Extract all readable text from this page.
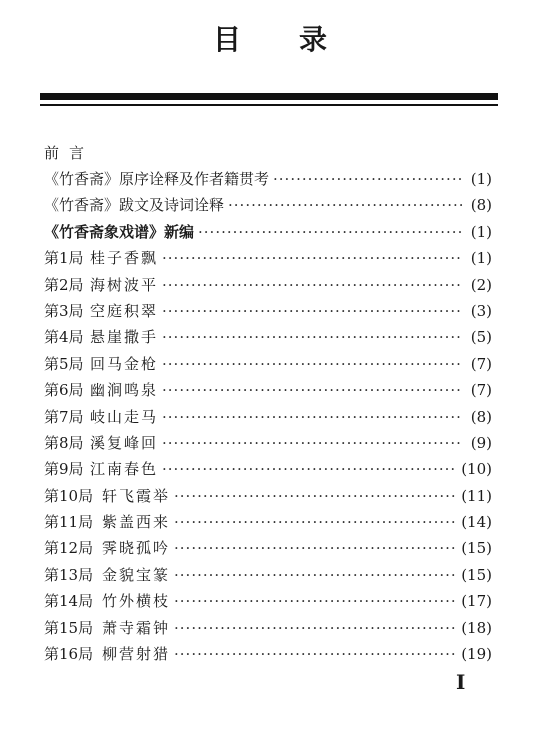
目录
前言
《竹香斋》原序诠释及作者籍贯考 ·····	(1)
《竹香斋》跋文及诗词诠释 ·····	(8)
《竹香斋象戏谱》新编 ·····	(1)
第1局 桂子香飘 ·····	(1)
第2局 海树波平 ·····	(2)
第3局 空庭积翠 ·····	(3)
第4局 悬崖撒手 ·····	(5)
第5局 回马金枪 ·····	(7)
第6局 幽涧鸣泉 ·····	(7)
第7局 岐山走马 ·····	(8)
第8局 溪复峰回 ·····	(9)
第9局 江南春色 ·····	(10)
第10局 轩飞霞举 ·····	(11)
第11局 紫盖西来 ·····	(14)
第12局 霁晓孤吟 ·····	(15)
第13局 金貌宝篆 ·····	(15)
第14局 竹外横枝 ·····	(17)
第15局 萧寺霜钟 ·····	(18)
第16局 柳营射猎 ·····	(19)
I
